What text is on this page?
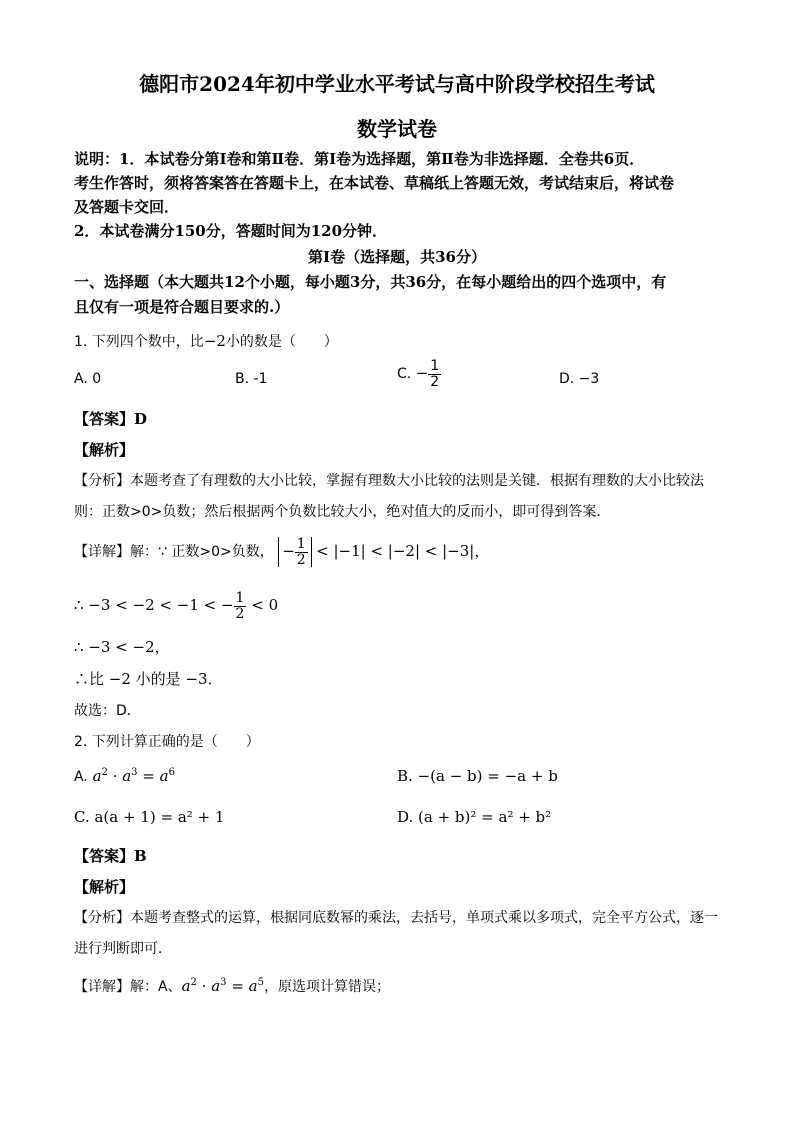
德阳市2024年初中学业水平考试与高中阶段学校招生考试
数学试卷
说明：1．本试卷分第Ⅰ卷和第Ⅱ卷．第Ⅰ卷为选择题，第Ⅱ卷为非选择题．全卷共6页．
考生作答时，须将答案答在答题卡上，在本试卷、草稿纸上答题无效，考试结束后，将试卷
及答题卡交回．
2．本试卷满分150分，答题时间为120分钟．
第Ⅰ卷（选择题，共36分）
一、选择题（本大题共12个小题，每小题3分，共36分，在每小题给出的四个选项中，有
且仅有一项是符合题目要求的.）
1. 下列四个数中，比−2小的数是（　　）
A. 0	B. -1	C. − $\frac{1}{2}$	D. −3
【答案】D
【解析】
【分析】本题考查了有理数的大小比较，掌握有理数大小比较的法则是关键．根据有理数的大小比较法
则：正数>0>负数；然后根据两个负数比较大小，绝对值大的反而小，即可得到答案．
【详解】解：∵ 正数>0>负数， − $\frac{1}{2} < |-1| < |-2| < |-3|$，
∴ −3 < −2 < −1 < − $\frac{1}{2} < 0$
∴ −3 < −2，
∴比 −2 小的是 −3．
故选：D．
2. 下列计算正确的是（　　）
A. $a^2 \cdot a^3 = a^6$	B. −(a − b) = −a + b
C. a(a + 1) = a² + 1	D. (a + b)² = a² + b²
【答案】B
【解析】
【分析】本题考查整式的运算，根据同底数幂的乘法，去括号，单项式乘以多项式，完全平方公式，逐一
进行判断即可．
【详解】解：A、$a^2 \cdot a^3 = a^5$，原选项计算错误；
